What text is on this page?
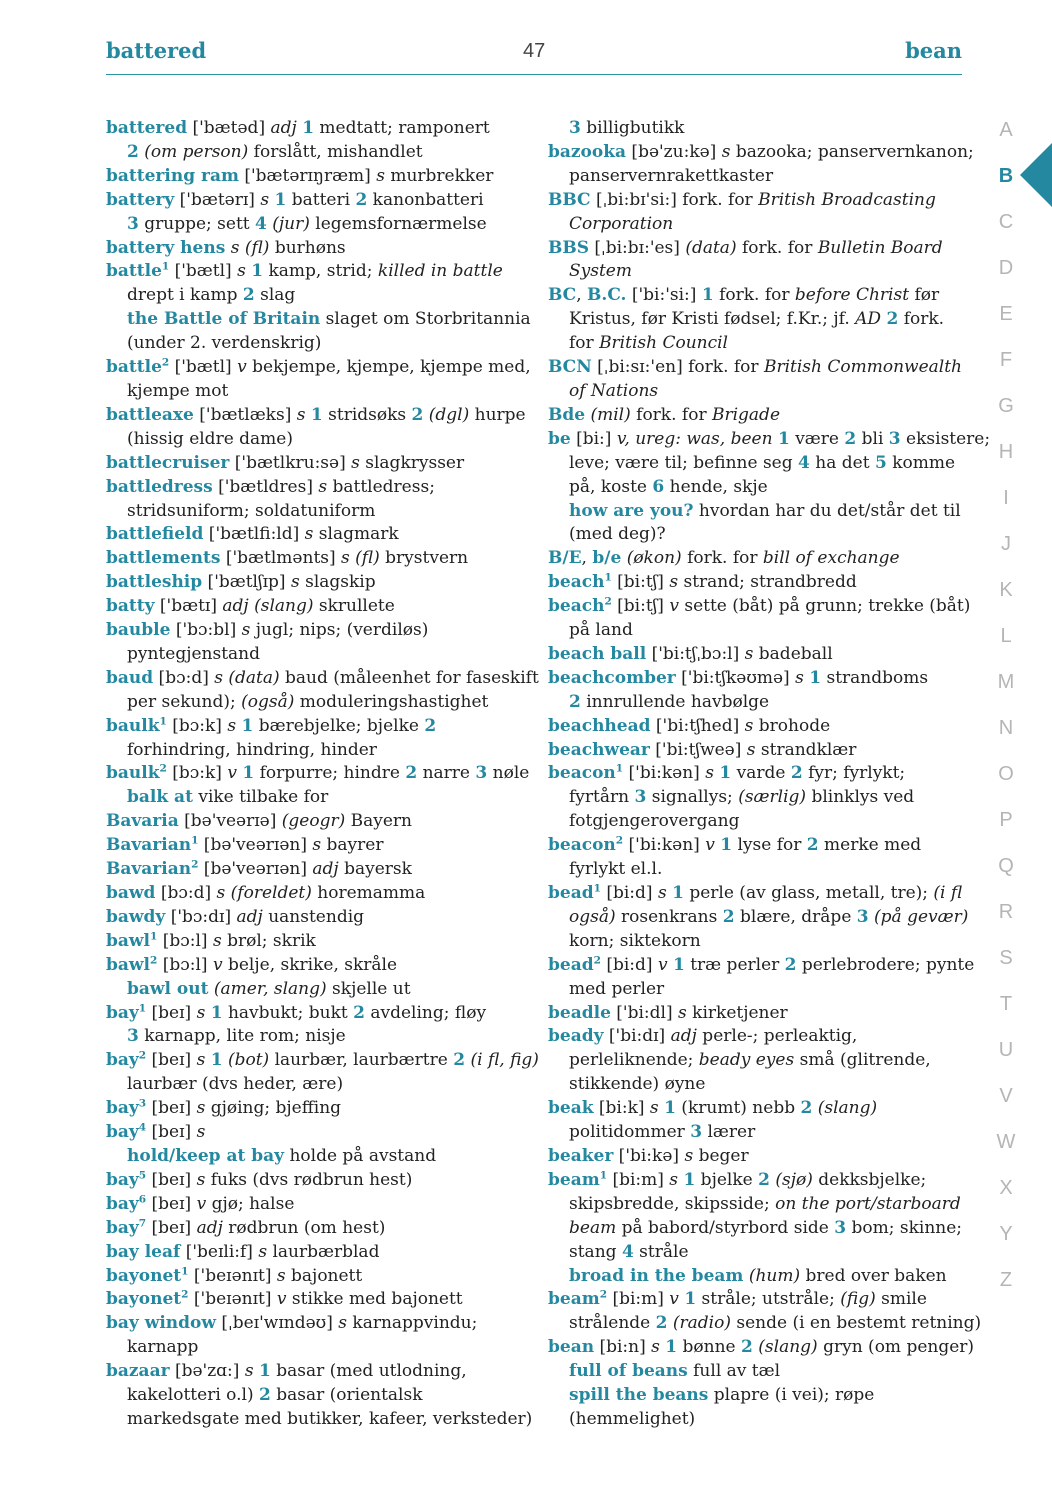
battered	47	bean
battered ['bætəd] adj 1 medtatt; ramponert
2 (om person) forslått, mishandlet
battering ram ['bætərɪŋræm] s murbrekker
battery ['bætərɪ] s 1 batteri 2 kanonbatteri
3 gruppe; sett 4 (jur) legemsfornærmelse
battery hens s (fl) burhøns
battle$^1$ ['bætl] s 1 kamp, strid; killed in battle
drept i kamp 2 slag
the Battle of Britain slaget om Storbritannia
(under 2. verdenskrig)
battle$^2$ ['bætl] v bekjempe, kjempe, kjempe med,
kjempe mot
battleaxe ['bætlæks] s 1 stridsøks 2 (dgl) hurpe
(hissig eldre dame)
battlecruiser ['bætlkru:sə] s slagkrysser
battledress ['bætldres] s battledress;
stridsuniform; soldatuniform
battlefield ['bætlfi:ld] s slagmark
battlements ['bætlmənts] s (fl) brystvern
battleship ['bætlʃɪp] s slagskip
batty ['bætɪ] adj (slang) skrullete
bauble ['bɔ:bl] s jugl; nips; (verdiløs)
pyntegjenstand
baud [bɔ:d] s (data) baud (måleenhet for faseskift
per sekund); (også) moduleringshastighet
baulk$^1$ [bɔ:k] s 1 bærebjelke; bjelke 2
forhindring, hindring, hinder
baulk$^2$ [bɔ:k] v 1 forpurre; hindre 2 narre 3 nøle
balk at vike tilbake for
Bavaria [bə'veərɪə] (geogr) Bayern
Bavarian$^1$ [bə'veərɪən] s bayrer
Bavarian$^2$ [bə'veərɪən] adj bayersk
bawd [bɔ:d] s (foreldet) horemamma
bawdy ['bɔ:dɪ] adj uanstendig
bawl$^1$ [bɔ:l] s brøl; skrik
bawl$^2$ [bɔ:l] v belje, skrike, skråle
bawl out (amer, slang) skjelle ut
bay$^1$ [beɪ] s 1 havbukt; bukt 2 avdeling; fløy
3 karnapp, lite rom; nisje
bay$^2$ [beɪ] s 1 (bot) laurbær, laurbærtre 2 (i fl, fig)
laurbær (dvs heder, ære)
bay$^3$ [beɪ] s gjøing; bjeffing
bay$^4$ [beɪ] s
hold/keep at bay holde på avstand
bay$^5$ [beɪ] s fuks (dvs rødbrun hest)
bay$^6$ [beɪ] v gjø; halse
bay$^7$ [beɪ] adj rødbrun (om hest)
bay leaf ['beɪli:f] s laurbærblad
bayonet$^1$ ['beɪənɪt] s bajonett
bayonet$^2$ ['beɪənɪt] v stikke med bajonett
bay window [ˌbeɪ'wɪndəʊ] s karnappvindu;
karnapp
bazaar [bə'zɑ:] s 1 basar (med utlodning,
kakelotteri o.l) 2 basar (orientalsk
markedsgate med butikker, kafeer, verksteder)
3 billigbutikk
bazooka [bə'zu:kə] s bazooka; panservernkanon;
panservernrakettkaster
BBC [ˌbi:bɪ'si:] fork. for British Broadcasting
Corporation
BBS [ˌbi:bɪ:'es] (data) fork. for Bulletin Board
System
BC, B.C. ['bi:'si:] 1 fork. for before Christ før
Kristus, før Kristi fødsel; f.Kr.; jf. AD 2 fork.
for British Council
BCN [ˌbi:sɪ:'en] fork. for British Commonwealth
of Nations
Bde (mil) fork. for Brigade
be [bi:] v, ureg: was, been 1 være 2 bli 3 eksistere;
leve; være til; befinne seg 4 ha det 5 komme
på, koste 6 hende, skje
how are you? hvordan har du det/står det til
(med deg)?
B/E, b/e (økon) fork. for bill of exchange
beach$^1$ [bi:tʃ] s strand; strandbredd
beach$^2$ [bi:tʃ] v sette (båt) på grunn; trekke (båt)
på land
beach ball ['bi:tʃˌbɔ:l] s badeball
beachcomber ['bi:tʃkəʊmə] s 1 strandboms
2 innrullende havbølge
beachhead ['bi:tʃhed] s brohode
beachwear ['bi:tʃweə] s strandklær
beacon$^1$ ['bi:kən] s 1 varde 2 fyr; fyrlykt;
fyrtårn 3 signallys; (særlig) blinklys ved
fotgjengerovergang
beacon$^2$ ['bi:kən] v 1 lyse for 2 merke med
fyrlykt el.l.
bead$^1$ [bi:d] s 1 perle (av glass, metall, tre); (i fl
også) rosenkrans 2 blære, dråpe 3 (på gevær)
korn; siktekorn
bead$^2$ [bi:d] v 1 træ perler 2 perlebrodere; pynte
med perler
beadle ['bi:dl] s kirketjener
beady ['bi:dɪ] adj perle-; perleaktig,
perleliknende; beady eyes små (glitrende,
stikkende) øyne
beak [bi:k] s 1 (krumt) nebb 2 (slang)
politidommer 3 lærer
beaker ['bi:kə] s beger
beam$^1$ [bi:m] s 1 bjelke 2 (sjø) dekksbjelke;
skipsbredde, skipsside; on the port/starboard
beam på babord/styrbord side 3 bom; skinne;
stang 4 stråle
broad in the beam (hum) bred over baken
beam$^2$ [bi:m] v 1 stråle; utstråle; (fig) smile
strålende 2 (radio) sende (i en bestemt retning)
bean [bi:n] s 1 bønne 2 (slang) gryn (om penger)
full of beans full av tæl
spill the beans plapre (i vei); røpe
(hemmelighet)
A
B
C
D
E
F
G
H
I
J
K
L
M
N
O
P
Q
R
S
T
U
V
W
X
Y
Z
